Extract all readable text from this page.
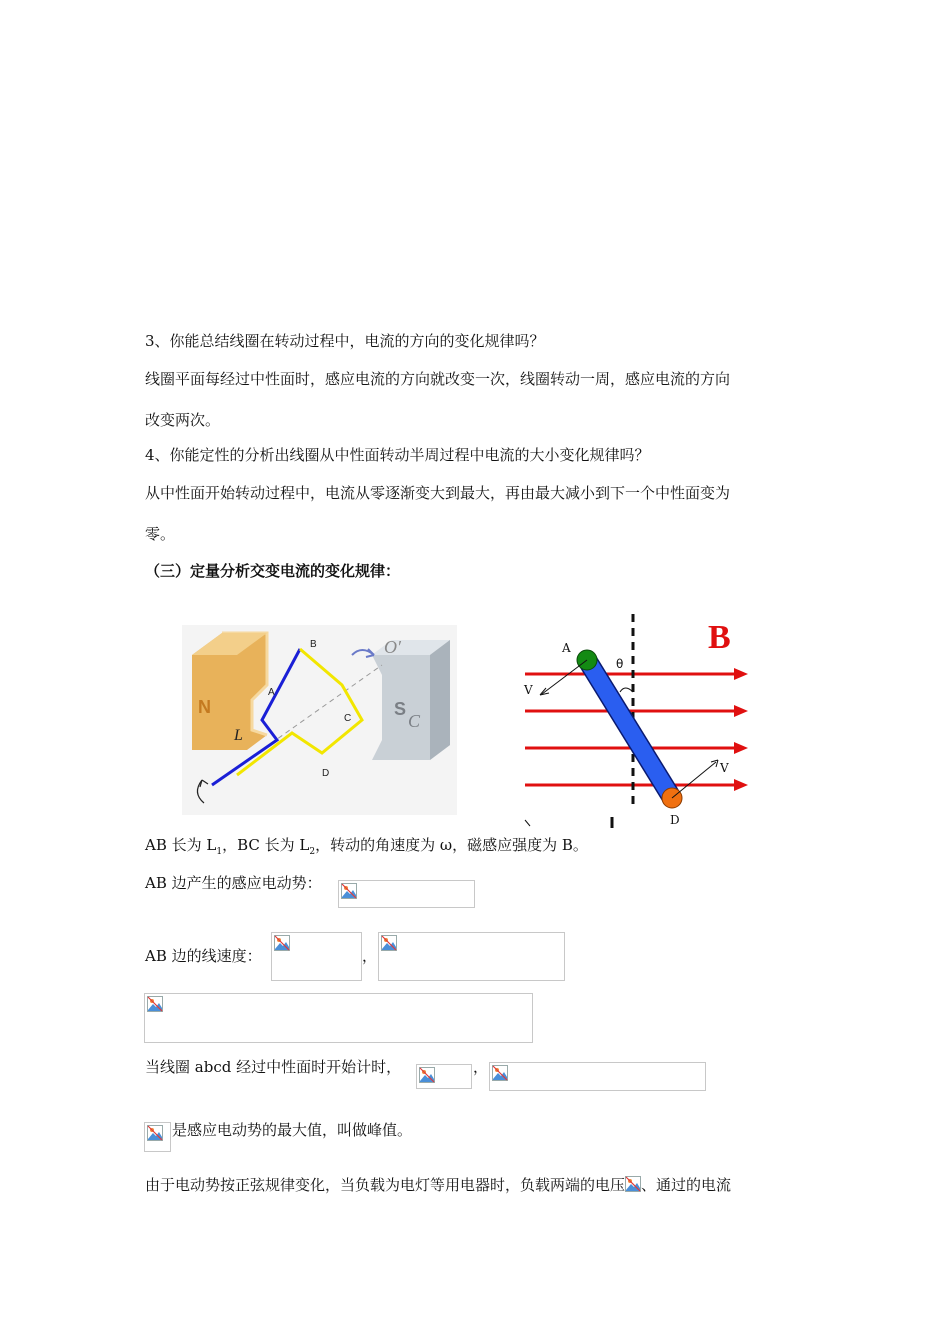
3、你能总结线圈在转动过程中，电流的方向的变化规律吗？
线圈平面每经过中性面时，感应电流的方向就改变一次，线圈转动一周，感应电流的方向
改变两次。
4、你能定性的分析出线圈从中性面转动半周过程中电流的大小变化规律吗？
从中性面开始转动过程中，电流从零逐渐变大到最大，再由最大减小到下一个中性面变为
零。
（三）定量分析交变电流的变化规律：
N
L
S
C
O′
A
B
C
D
θ
V
V
A
D
B
AB 长为 $L_1$，BC 长为 $L_2$，转动的角速度为 ω，磁感应强度为 B。
AB 边产生的感应电动势：
AB 边的线速度：	，
当线圈 abcd 经过中性面时开始计时，	，
是感应电动势的最大值，叫做峰值。
由于电动势按正弦规律变化，当负载为电灯等用电器时，负载两端的电压 、通过的电流
